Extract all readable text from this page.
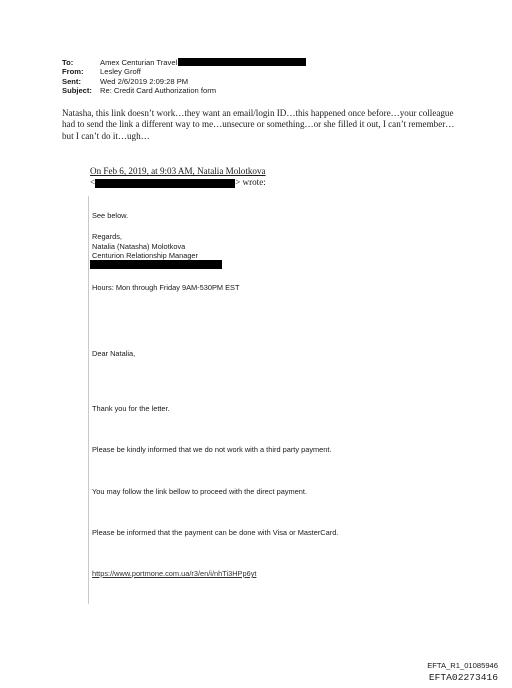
To:	Amex Centurian Travel
From:	Lesley Groff
Sent:	Wed 2/6/2019 2:09:28 PM
Subject:	Re: Credit Card Authorization form
Natasha, this link doesn’t work…they want an email/login ID…this happened once before…your colleague had to send the link a different way to me…unsecure or something…or she filled it out, I can’t remember…but I can’t do it…ugh…
On Feb 6, 2019, at 9:03 AM, Natalia Molotkova
<	> wrote:
See below.
Regards,
Natalia (Natasha) Molotkova
Centurion Relationship Manager
Hours: Mon through Friday 9AM-530PM EST
Dear Natalia,
Thank you for the letter.
Please be kindly informed that we do not work with a third party payment.
You may follow the link bellow to proceed with the direct payment.
Please be informed that the payment can be done with Visa or MasterCard.
https://www.portmone.com.ua/r3/en/i/nhTi3HPp6yt
EFTA_R1_01085946
EFTA02273416
